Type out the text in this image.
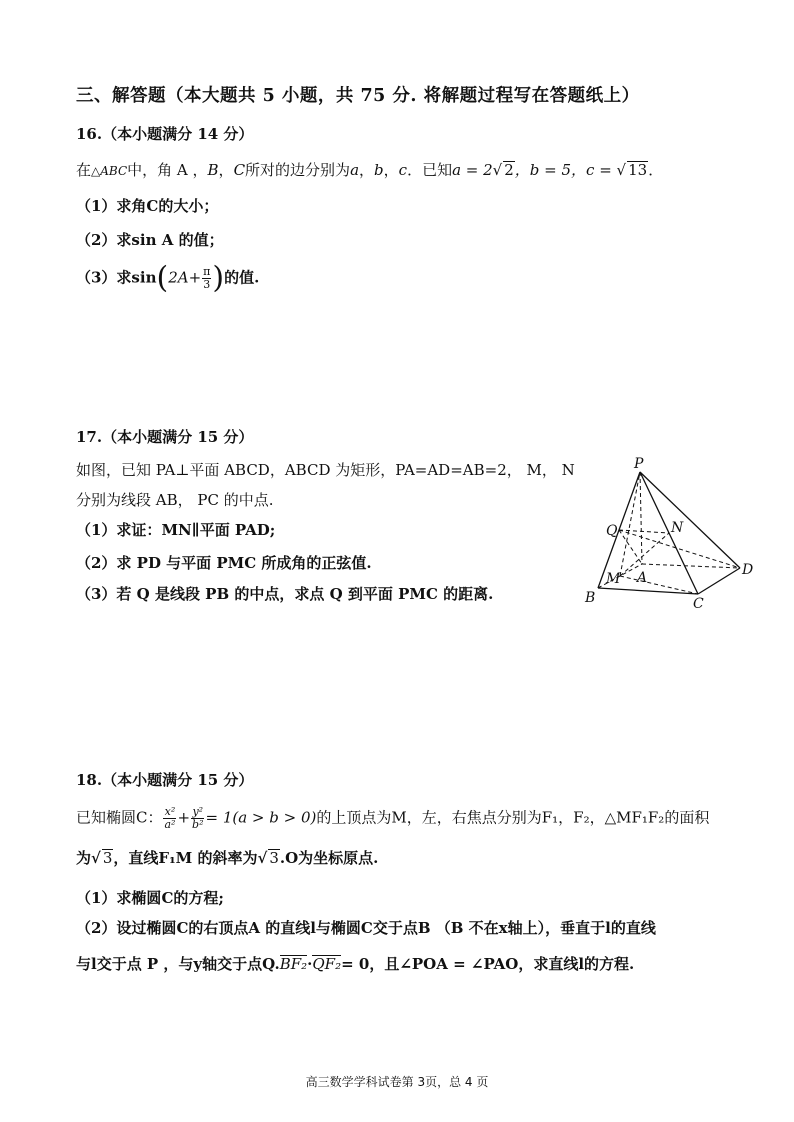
三、解答题（本大题共 5 小题，共 75 分. 将解题过程写在答题纸上）
16.（本小题满分 14 分）
在△ABC中，角 A ，B，C所对的边分别为a，b，c．已知a = 2√ 2，b = 5，c = √ 13．
（1）求角C的大小；
（2）求sin A 的值；
（3）求$\sin(2A+ \frac{\pi}{3}$ )的值.
17.（本小题满分 15 分）
如图，已知 PA⊥平面 ABCD，ABCD 为矩形，PA=AD=AB=2， M， N
分别为线段 AB， PC 的中点.
（1）求证：MN∥平面 PAD;
（2）求 PD 与平面 PMC 所成角的正弦值.
（3）若 Q 是线段 PB 的中点，求点 Q 到平面 PMC 的距离.
P
Q	N
M A
B	C
D
18.（本小题满分 15 分）
已知椭圆C： $\frac{\text{x²}}{\text{a²}} + \frac{\text{y²}}{\text{b²}} = 1(a > b > 0)$的上顶点为M，左，右焦点分别为F₁，F₂，△MF₁F₂的面积
为√ 3，直线F₁M 的斜率为√ 3.O为坐标原点.
（1）求椭圆C的方程;
（2）设过椭圆C的右顶点A 的直线l与椭圆C交于点B （B 不在x轴上），垂直于l的直线
与l交于点 P ，与y轴交于点Q.BF₂·QF₂= 0，且∠POA = ∠PAO，求直线l的方程.
高三数学学科试卷第 3页，总 4 页
